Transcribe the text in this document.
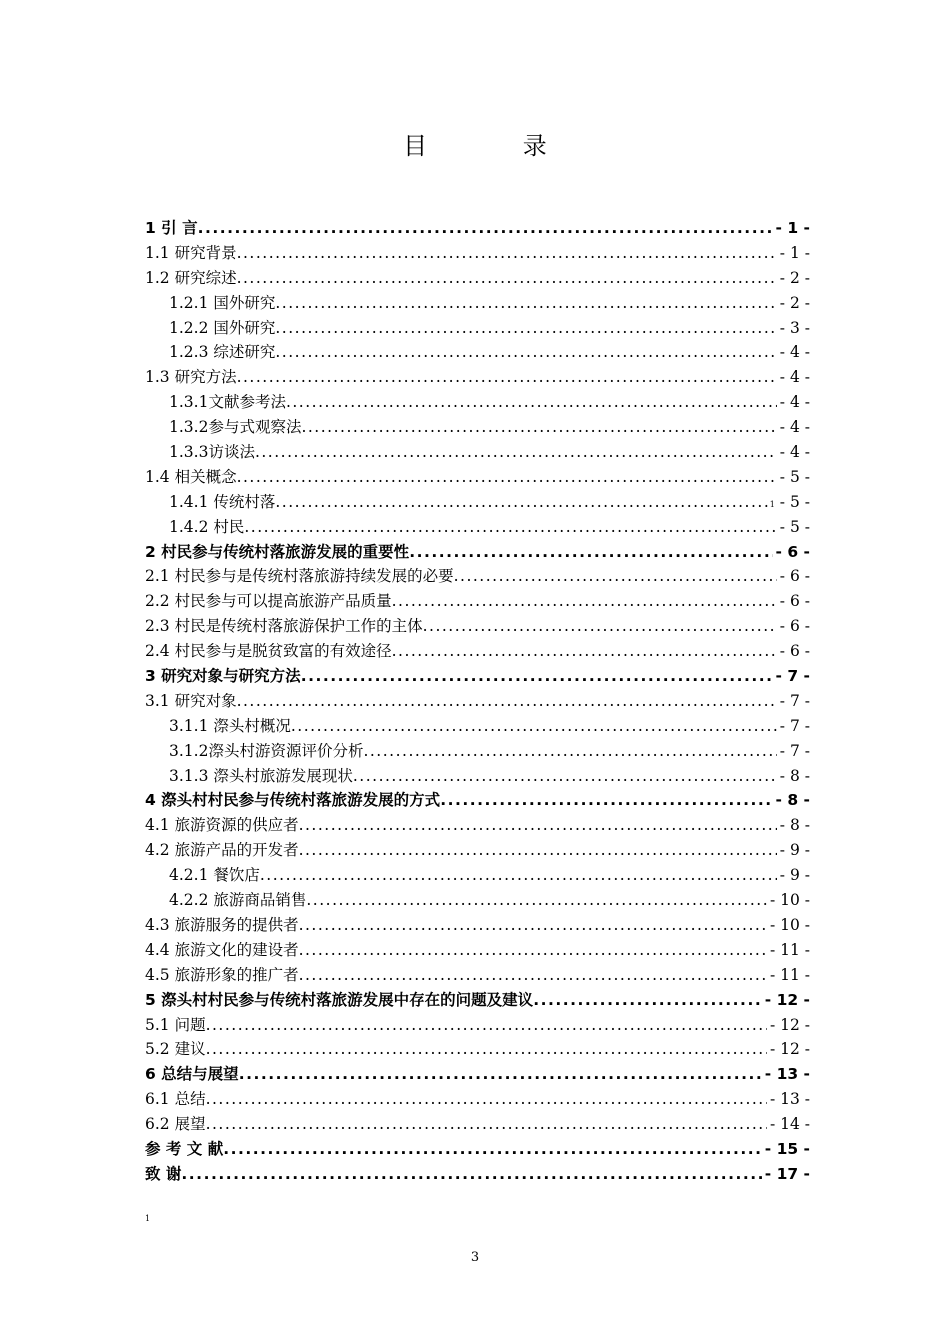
目 录
1 引 言 .....	- 1 -
1.1 研究背景 .....	- 1 -
1.2 研究综述 .....	- 2 -
1.2.1 国外研究 .....	- 2 -
1.2.2 国外研究 .....	- 3 -
1.2.3 综述研究 .....	- 4 -
1.3 研究方法 .....	- 4 -
1.3.1文献参考法 .....	- 4 -
1.3.2参与式观察法 .....	- 4 -
1.3.3访谈法 .....	- 4 -
1.4 相关概念 .....	- 5 -
1.4.1 传统村落 .....	1 - 5 -
1.4.2 村民 .....	- 5 -
2 村民参与传统村落旅游发展的重要性 .....	- 6 -
2.1 村民参与是传统村落旅游持续发展的必要 .....	- 6 -
2.2 村民参与可以提高旅游产品质量 .....	- 6 -
2.3 村民是传统村落旅游保护工作的主体 .....	- 6 -
2.4 村民参与是脱贫致富的有效途径 .....	- 6 -
3 研究对象与研究方法 .....	- 7 -
3.1 研究对象 .....	- 7 -
3.1.1 漈头村概况 .....	- 7 -
3.1.2漈头村游资源评价分析 .....	- 7 -
3.1.3 漈头村旅游发展现状 .....	- 8 -
4 漈头村村民参与传统村落旅游发展的方式 .....	- 8 -
4.1 旅游资源的供应者 .....	- 8 -
4.2 旅游产品的开发者 .....	- 9 -
4.2.1 餐饮店 .....	- 9 -
4.2.2 旅游商品销售 .....	- 10 -
4.3 旅游服务的提供者 .....	- 10 -
4.4 旅游文化的建设者 .....	- 11 -
4.5 旅游形象的推广者 .....	- 11 -
5 漈头村村民参与传统村落旅游发展中存在的问题及建议 .....	- 12 -
5.1 问题 .....	- 12 -
5.2 建议 .....	- 12 -
6 总结与展望 .....	- 13 -
6.1 总结 .....	- 13 -
6.2 展望 .....	- 14 -
参 考 文 献 .....	- 15 -
致 谢 .....	- 17 -
1
3
